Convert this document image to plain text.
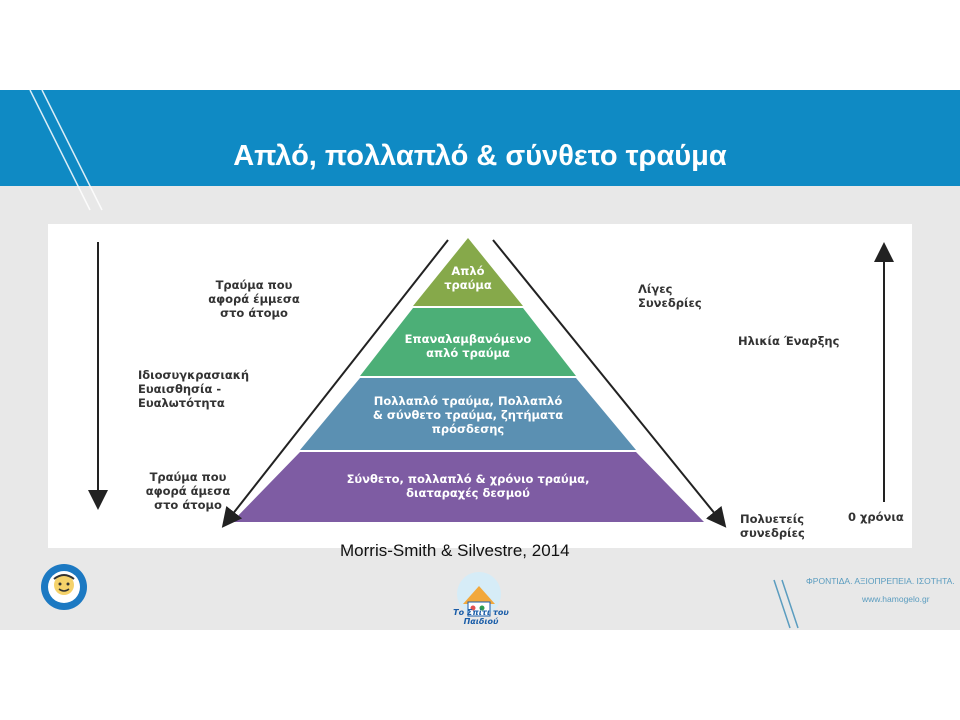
Απλό, πολλαπλό & σύνθετο τραύμα
Απλό
τραύμα
Επαναλαμβανόμενο
απλό τραύμα
Πολλαπλό τραύμα, Πολλαπλό
& σύνθετο τραύμα, ζητήματα
πρόσδεσης
Σύνθετο, πολλαπλό & χρόνιο τραύμα,
διαταραχές δεσμού
Τραύμα που
αφορά έμμεσα
στο άτομο
Ιδιοσυγκρασιακή
Ευαισθησία -
Ευαλωτότητα
Τραύμα που
αφορά άμεσα
στο άτομο
Λίγες
Συνεδρίες
Ηλικία Έναρξης
Πολυετείς
συνεδρίες
0 χρόνια
Morris-Smith & Silvestre, 2014
Το Σπίτι του Παιδιού
ΦΡΟΝΤΙΔΑ. ΑΞΙΟΠΡΕΠΕΙΑ. ΙΣΟΤΗΤΑ.
www.hamogelo.gr
